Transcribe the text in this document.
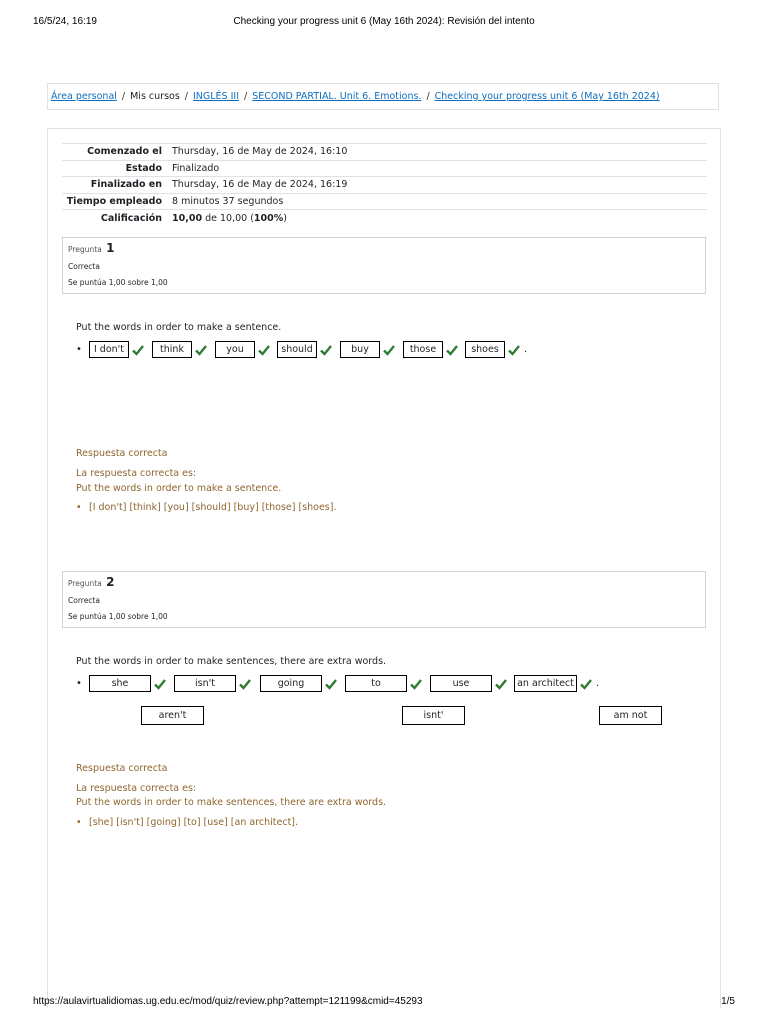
16/5/24, 16:19	Checking your progress unit 6 (May 16th 2024): Revisión del intento
Área personal / Mis cursos / INGLÉS III / SECOND PARTIAL. Unit 6. Emotions. / Checking your progress unit 6 (May 16th 2024)
Comenzado el	Thursday, 16 de May de 2024, 16:10
Estado	Finalizado
Finalizado en	Thursday, 16 de May de 2024, 16:19
Tiempo empleado	8 minutos 37 segundos
Calificación	10,00 de 10,00 (100%)
Pregunta 1
Correcta
Se puntúa 1,00 sobre 1,00
Put the words in order to make a sentence.
•	I don't	think	you	should	buy	those	shoes	.
Respuesta correcta
La respuesta correcta es:
Put the words in order to make a sentence.
• [I don't] [think] [you] [should] [buy] [those] [shoes].
Pregunta 2
Correcta
Se puntúa 1,00 sobre 1,00
Put the words in order to make sentences, there are extra words.
•	she	isn't	going	to	use	an architect	.
aren't	isnt'	am not
Respuesta correcta
La respuesta correcta es:
Put the words in order to make sentences, there are extra words.
• [she] [isn't] [going] [to] [use] [an architect].
https://aulavirtualidiomas.ug.edu.ec/mod/quiz/review.php?attempt=121199&cmid=45293	1/5
